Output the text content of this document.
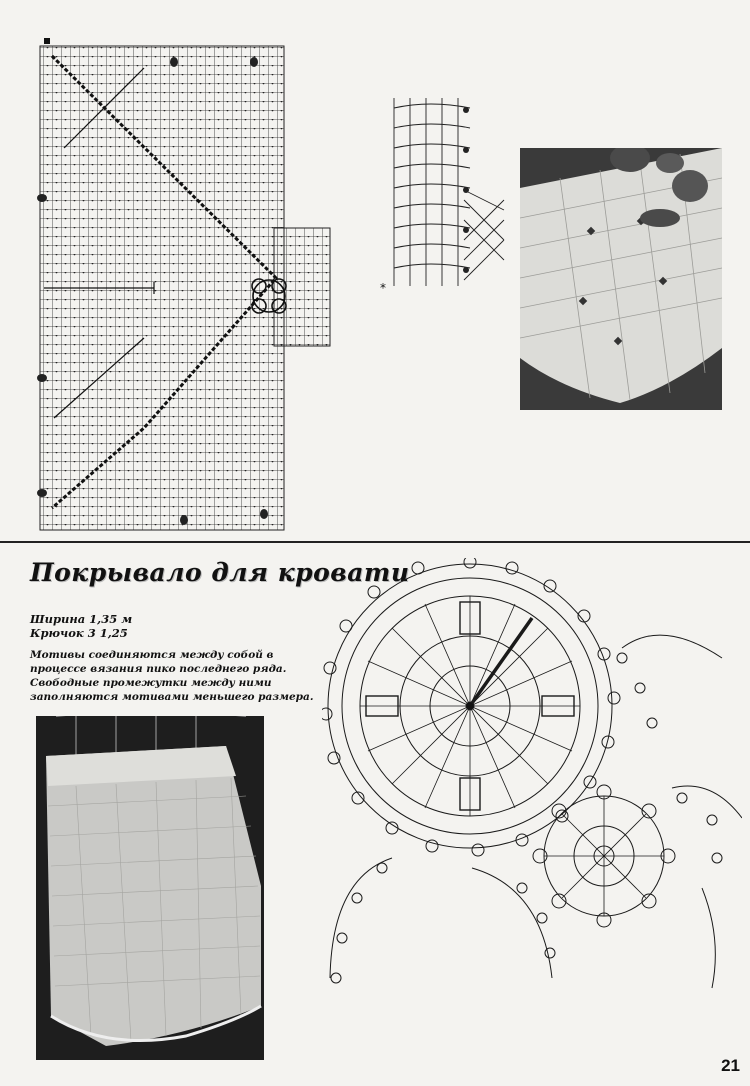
*
Покрывало для кровати
Ширина 1,35 м
Крючок 3 1,25
Мотивы соединяются между собой в процессе вязания пико последнего ряда. Свободные промежутки между ними заполняются мотивами меньшего размера.
21
